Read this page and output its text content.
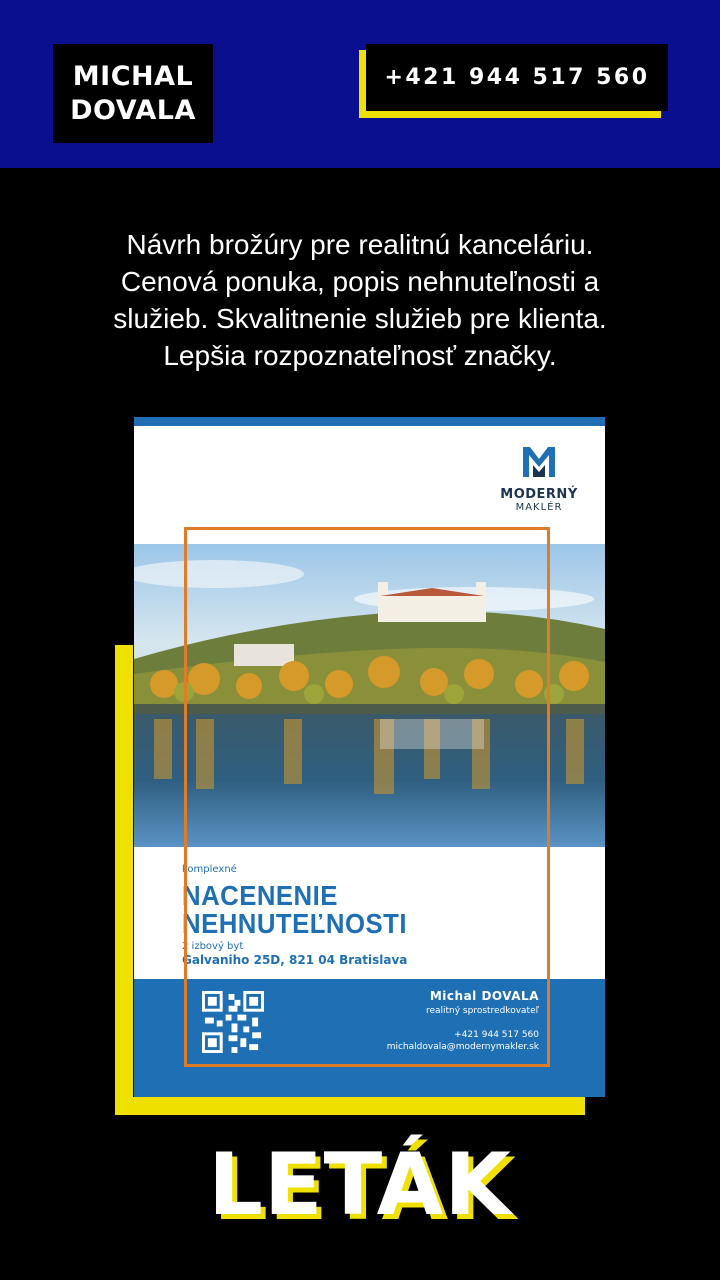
MICHAL
DOVALA
+421 944 517 560
Návrh brožúry pre realitnú kanceláriu.
Cenová ponuka, popis nehnuteľnosti a
služieb. Skvalitnenie služieb pre klienta.
Lepšia rozpoznateľnosť značky.
MODERNÝ
MAKLÉR
komplexné
NACENENIE
NEHNUTEĽNOSTI
2 izbový byt
Galvaniho 25D, 821 04 Bratislava
Michal DOVALA
realitný sprostredkovateľ
+421 944 517 560
michaldovala@modernymakler.sk
LETÁK
